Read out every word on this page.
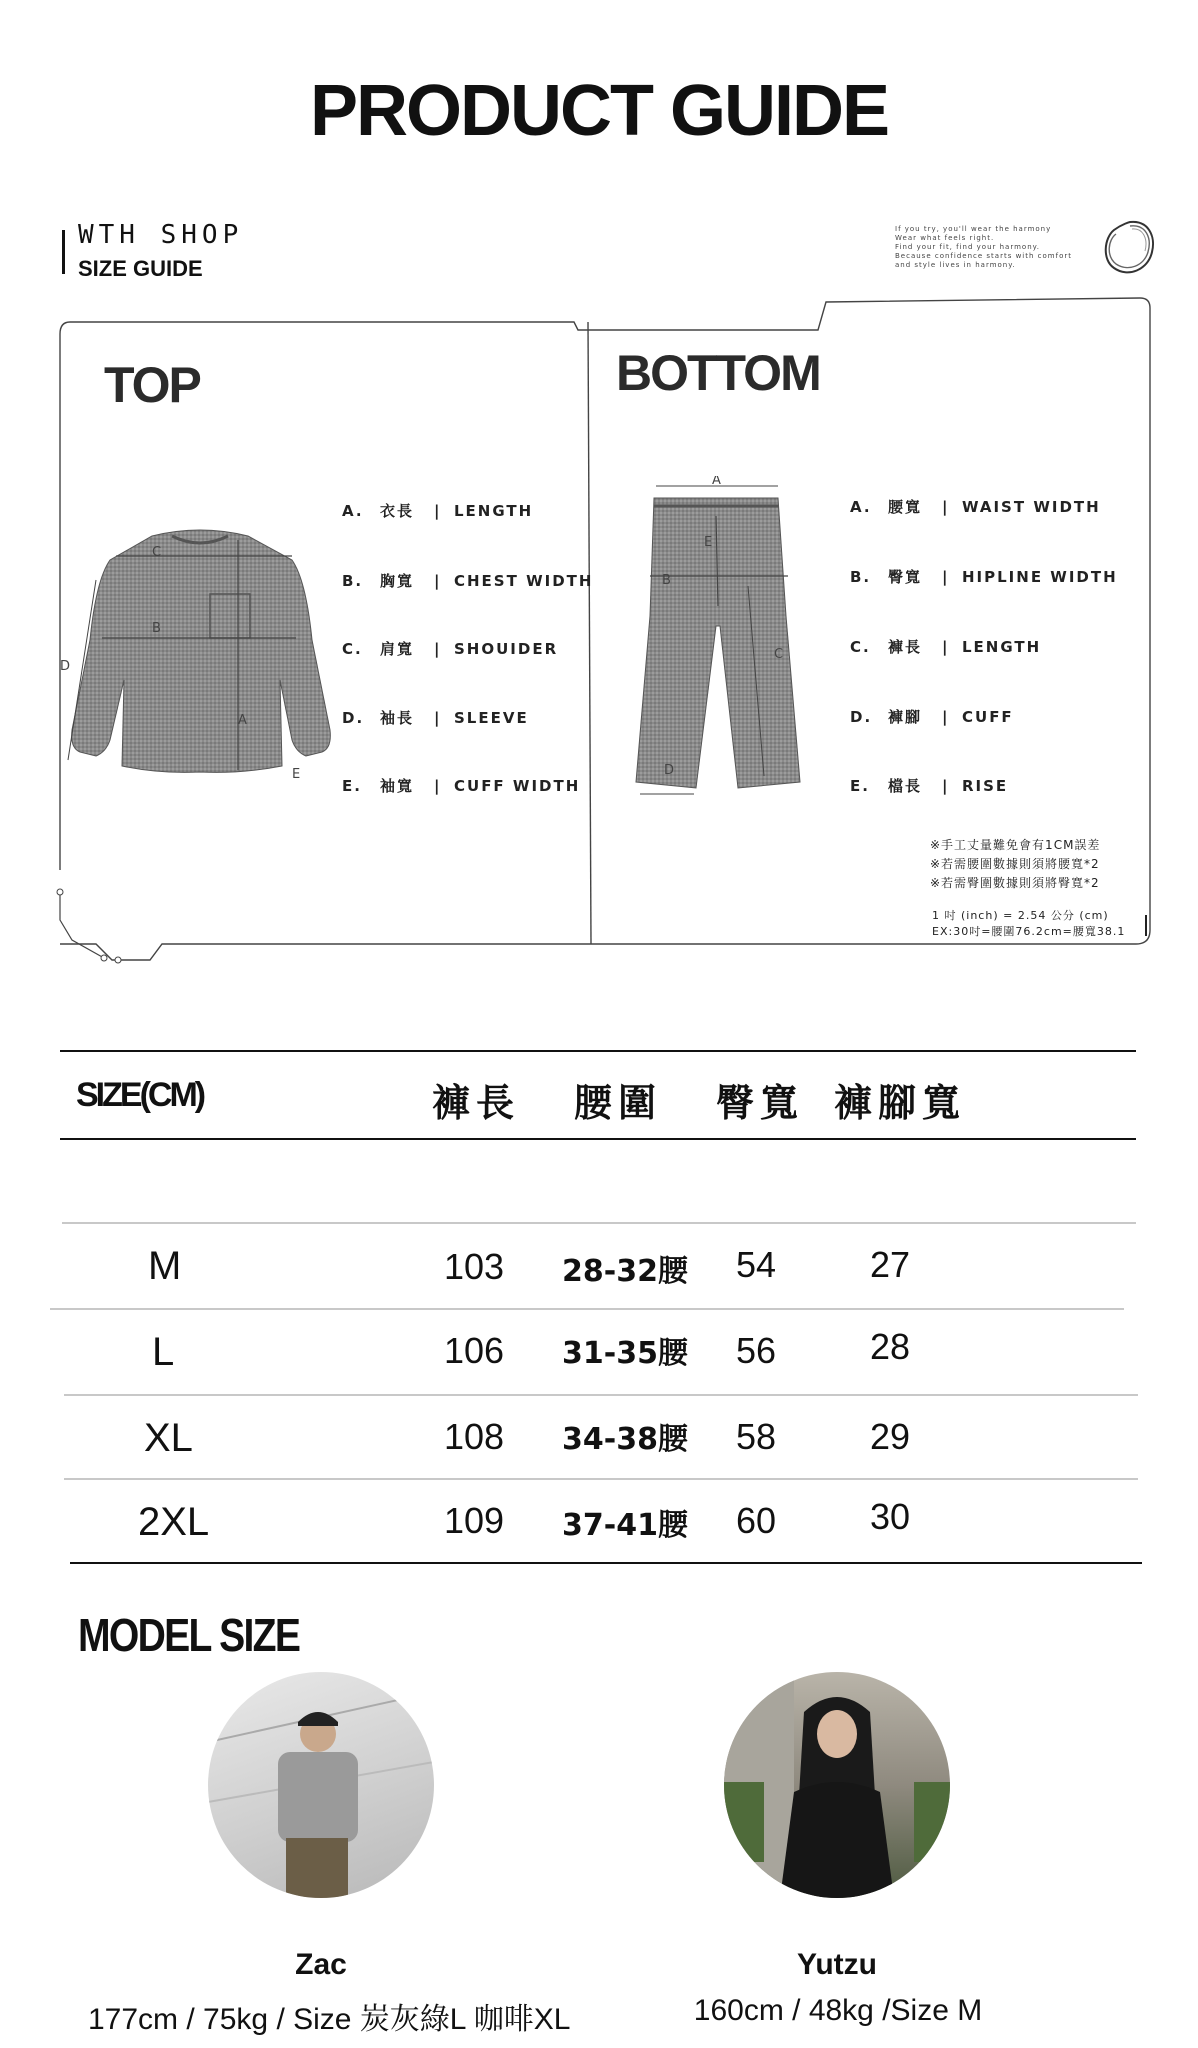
PRODUCT GUIDE
WTH SHOP
SIZE GUIDE
If you try, you'll wear the harmony
Wear what feels right.
Find your fit, find your harmony.
Because confidence starts with comfort
and style lives in harmony.
TOP	BOTTOM
C
B
D
A
E
A. 衣長 | LENGTH
B. 胸寬 | CHEST WIDTH
C. 肩寬 | SHOUIDER
D. 袖長 | SLEEVE
E. 袖寬 | CUFF WIDTH
A
B
C
D
E
A. 腰寬 | WAIST WIDTH
B. 臀寬 | HIPLINE WIDTH
C. 褲長 | LENGTH
D. 褲腳 | CUFF
E. 檔長 | RISE
※手工丈量難免會有1CM誤差
※若需腰圍數據則須將腰寬*2
※若需臀圍數據則須將臀寬*2
1 吋 (inch) = 2.54 公分 (cm)
EX:30吋=腰圍76.2cm=腰寬38.1
SIZE(CM)	褲長 腰圍 臀寬 褲腳寬
M	103 28-32腰 54	27
L	106 31-35腰 56	28
XL	108 34-38腰 58	29
2XL	109 37-41腰 60	30
MODEL SIZE
Zac
177cm / 75kg / Size 炭灰綠L 咖啡XL
Yutzu
160cm / 48kg /Size M
